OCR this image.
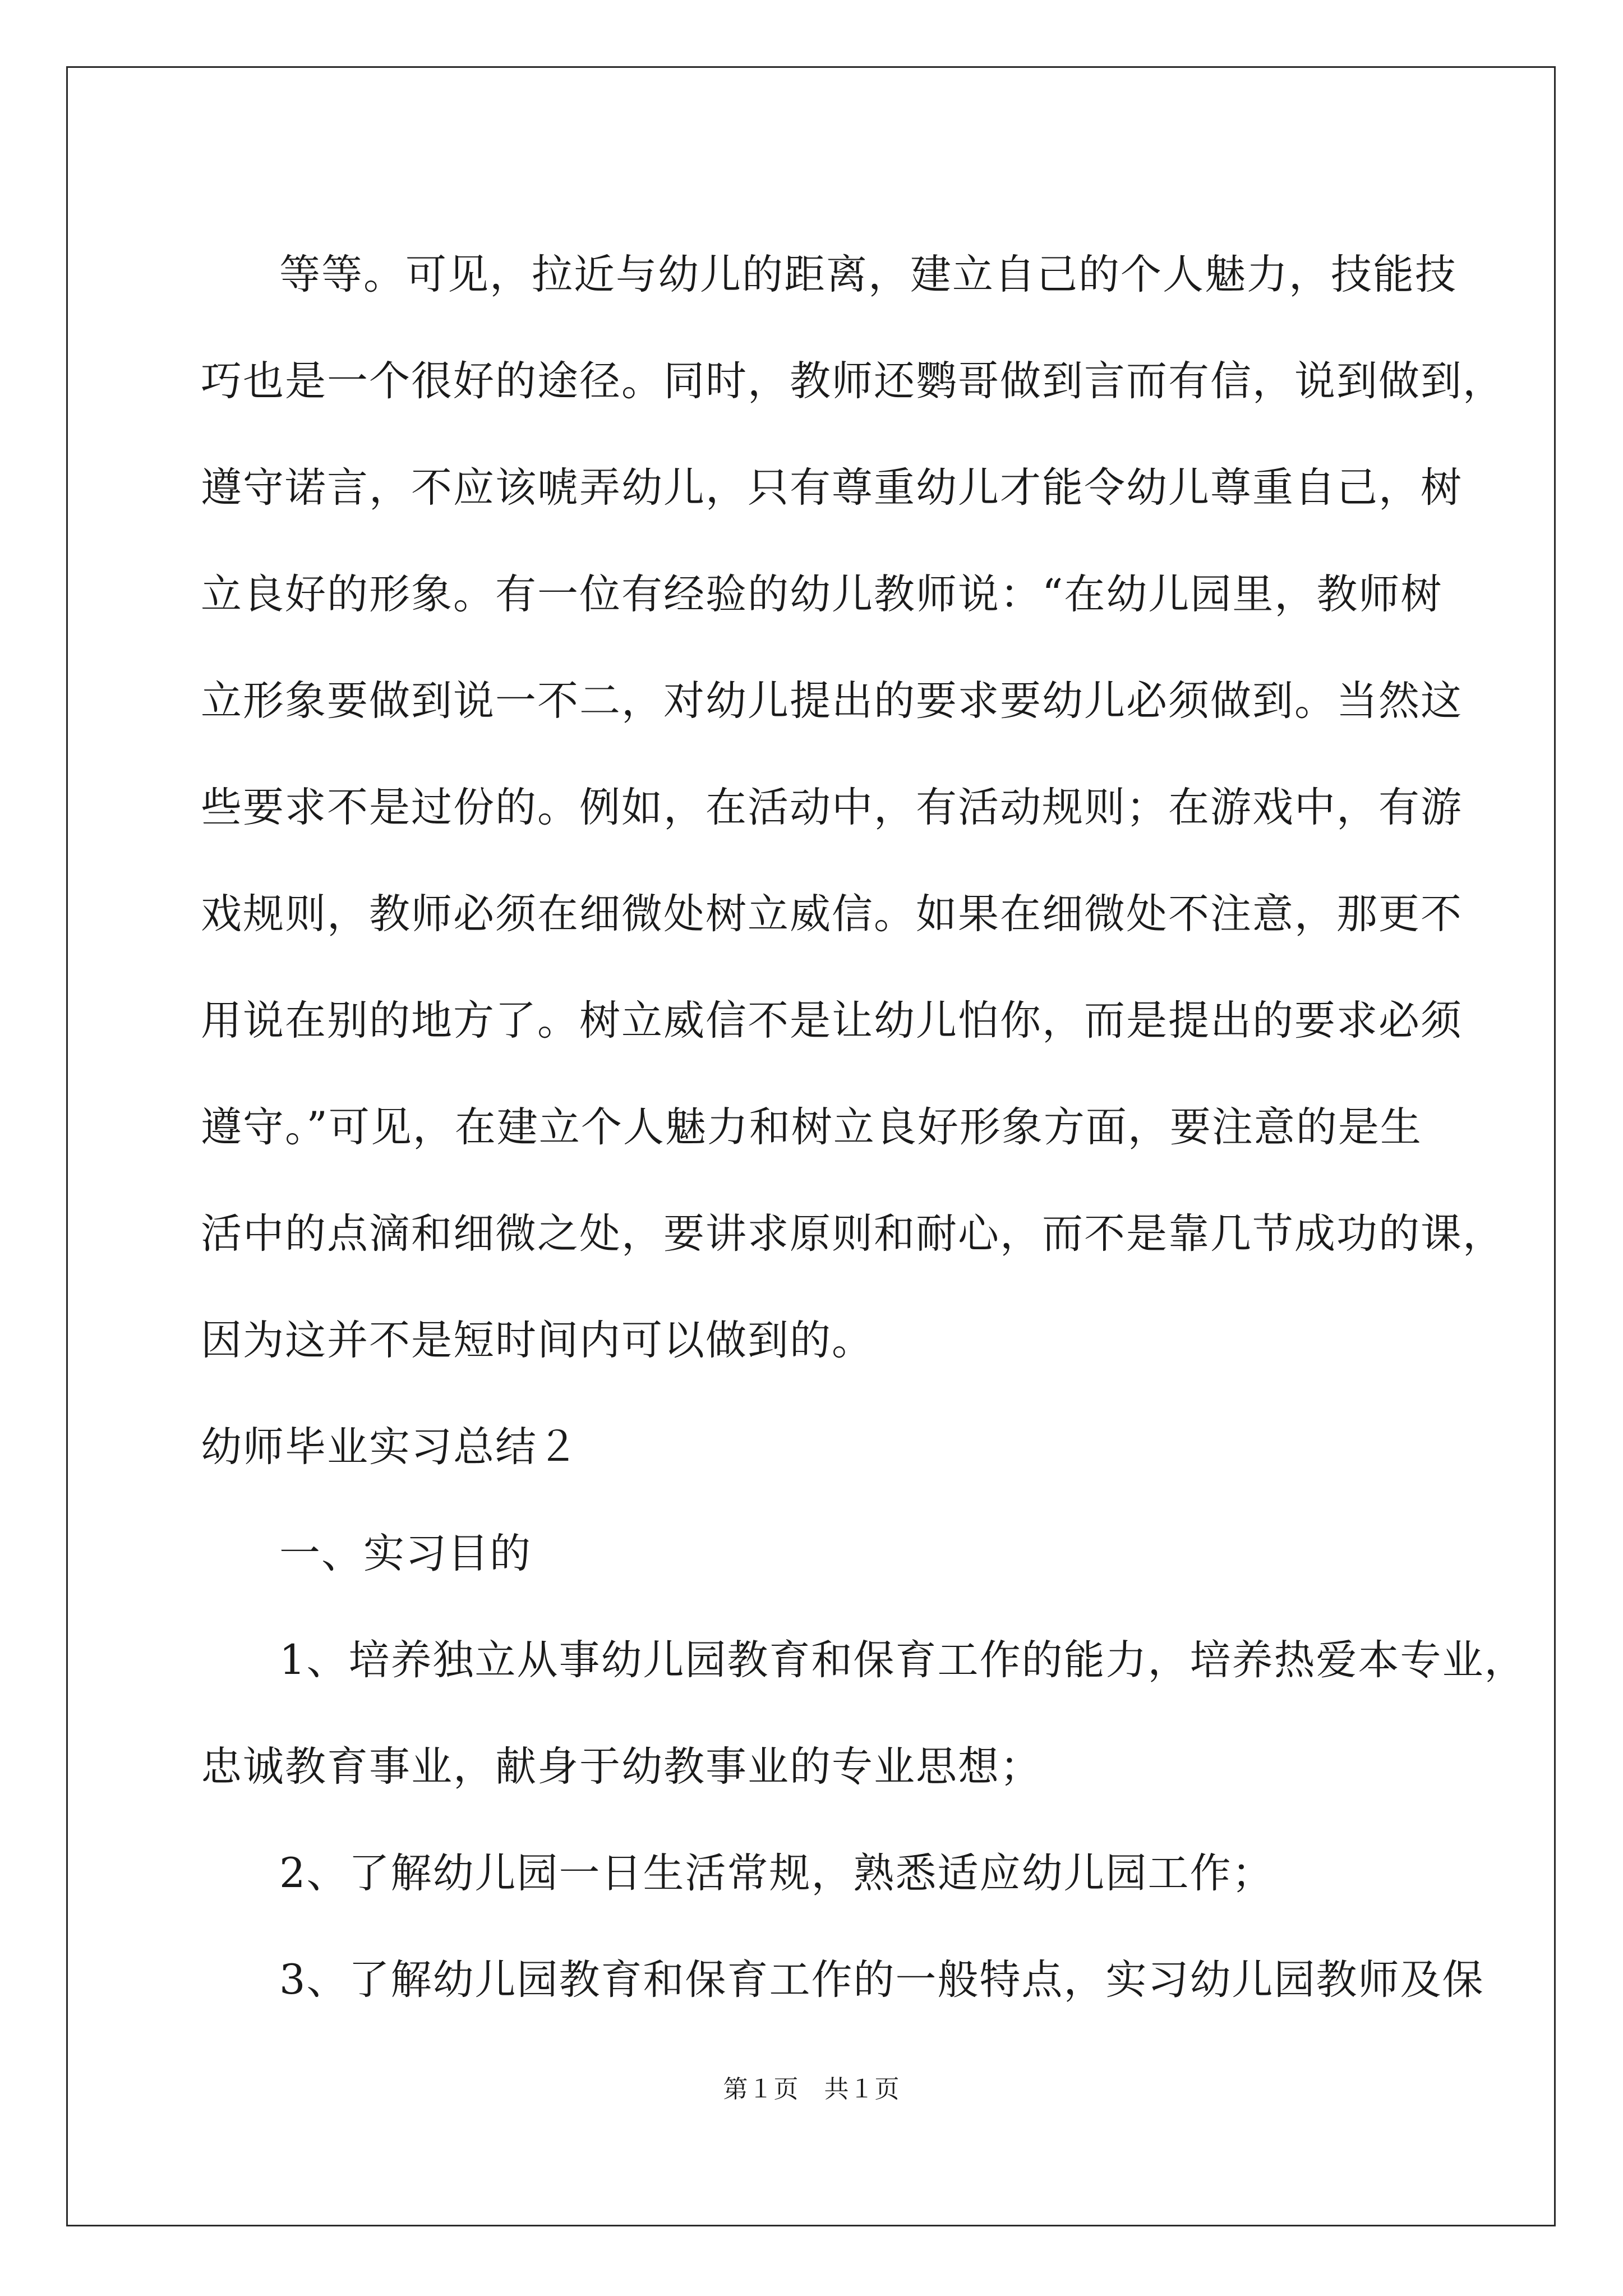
等等。可见，拉近与幼儿的距离，建立自己的个人魅力，技能技
巧也是一个很好的途径。同时，教师还鹦哥做到言而有信，说到做到，
遵守诺言，不应该唬弄幼儿，只有尊重幼儿才能令幼儿尊重自己，树
立良好的形象。有一位有经验的幼儿教师说：“在幼儿园里，教师树
立形象要做到说一不二，对幼儿提出的要求要幼儿必须做到。当然这
些要求不是过份的。例如，在活动中，有活动规则；在游戏中，有游
戏规则，教师必须在细微处树立威信。如果在细微处不注意，那更不
用说在别的地方了。树立威信不是让幼儿怕你，而是提出的要求必须
遵守。”可见，在建立个人魅力和树立良好形象方面，要注意的是生
活中的点滴和细微之处，要讲求原则和耐心，而不是靠几节成功的课，
因为这并不是短时间内可以做到的。
幼师毕业实习总结２
一、实习目的
1、培养独立从事幼儿园教育和保育工作的能力，培养热爱本专业，
忠诚教育事业，献身于幼教事业的专业思想；
2、了解幼儿园一日生活常规，熟悉适应幼儿园工作；
3、了解幼儿园教育和保育工作的一般特点，实习幼儿园教师及保
第１页　共１页
